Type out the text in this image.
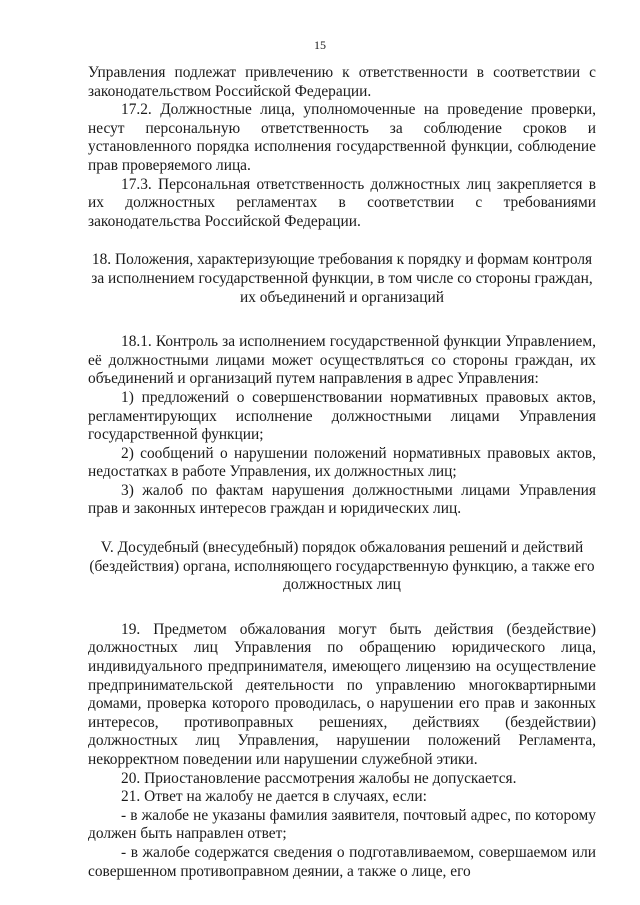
15

Управления подлежат привлечению к ответственности в соответствии с законодательством Российской Федерации.

17.2. Должностные лица, уполномоченные на проведение проверки, несут персональную ответственность за соблюдение сроков и установленного порядка исполнения государственной функции, соблюдение прав проверяемого лица.

17.3. Персональная ответственность должностных лиц закрепляется в их должностных регламентах в соответствии с требованиями законодательства Российской Федерации.

18. Положения, характеризующие требования к порядку и формам контроля за исполнением государственной функции, в том числе со стороны граждан, их объединений и организаций

18.1. Контроль за исполнением государственной функции Управлением, её должностными лицами может осуществляться со стороны граждан, их объединений и организаций путем направления в адрес Управления:

1) предложений о совершенствовании нормативных правовых актов, регламентирующих исполнение должностными лицами Управления государственной функции;

2) сообщений о нарушении положений нормативных правовых актов, недостатках в работе Управления, их должностных лиц;

3) жалоб по фактам нарушения должностными лицами Управления прав и законных интересов граждан и юридических лиц.

V. Досудебный (внесудебный) порядок обжалования решений и действий (бездействия) органа, исполняющего государственную функцию, а также его должностных лиц

19. Предметом обжалования могут быть действия (бездействие) должностных лиц Управления по обращению юридического лица, индивидуального предпринимателя, имеющего лицензию на осуществление предпринимательской деятельности по управлению многоквартирными домами, проверка которого проводилась, о нарушении его прав и законных интересов, противоправных решениях, действиях (бездействии) должностных лиц Управления, нарушении положений Регламента, некорректном поведении или нарушении служебной этики.

20. Приостановление рассмотрения жалобы не допускается.

21. Ответ на жалобу не дается в случаях, если:

- в жалобе не указаны фамилия заявителя, почтовый адрес, по которому должен быть направлен ответ;

- в жалобе содержатся сведения о подготавливаемом, совершаемом или совершенном противоправном деянии, а также о лице, его
